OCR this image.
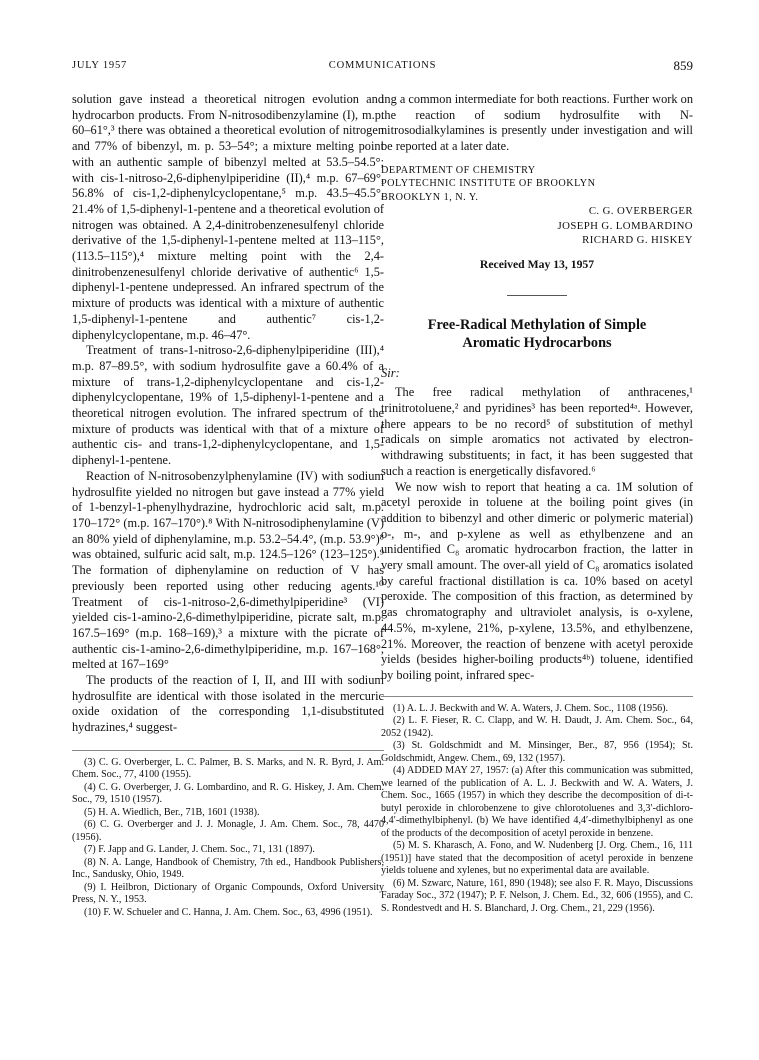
JULY 1957	COMMUNICATIONS	859

solution gave instead a theoretical nitrogen evolution and hydrocarbon products. From N-nitrosodibenzylamine (I), m.p. 60–61°,³ there was obtained a theoretical evolution of nitrogen and 77% of bibenzyl, m. p. 53–54°; a mixture melting point with an authentic sample of bibenzyl melted at 53.5–54.5°; with cis-1-nitroso-2,6-diphenylpiperidine (II),⁴ m.p. 67–69°, 56.8% of cis-1,2-diphenylcyclopentane,⁵ m.p. 43.5–45.5°, 21.4% of 1,5-diphenyl-1-pentene and a theoretical evolution of nitrogen was obtained. A 2,4-dinitrobenzenesulfenyl chloride derivative of the 1,5-diphenyl-1-pentene melted at 113–115°, (113.5–115°),⁴ mixture melting point with the 2,4-dinitrobenzenesulfenyl chloride derivative of authentic⁶ 1,5-diphenyl-1-pentene undepressed. An infrared spectrum of the mixture of products was identical with a mixture of authentic 1,5-diphenyl-1-pentene and authentic⁷ cis-1,2-diphenylcyclopentane, m.p. 46–47°.

Treatment of trans-1-nitroso-2,6-diphenylpiperidine (III),⁴ m.p. 87–89.5°, with sodium hydrosulfite gave a 60.4% of a mixture of trans-1,2-diphenylcyclopentane and cis-1,2-diphenylcyclopentane, 19% of 1,5-diphenyl-1-pentene and a theoretical nitrogen evolution. The infrared spectrum of the mixture of products was identical with that of a mixture of authentic cis- and trans-1,2-diphenylcyclopentane, and 1,5-diphenyl-1-pentene.

Reaction of N-nitrosobenzylphenylamine (IV) with sodium hydrosulfite yielded no nitrogen but gave instead a 77% yield of 1-benzyl-1-phenylhydrazine, hydrochloric acid salt, m.p. 170–172° (m.p. 167–170°).⁸ With N-nitrosodiphenylamine (V) an 80% yield of diphenylamine, m.p. 53.2–54.4°, (m.p. 53.9°)⁸ was obtained, sulfuric acid salt, m.p. 124.5–126° (123–125°).⁹ The formation of diphenylamine on reduction of V has previously been reported using other reducing agents.¹⁰ Treatment of cis-1-nitroso-2,6-dimethylpiperidine³ (VI) yielded cis-1-amino-2,6-dimethylpiperidine, picrate salt, m.p. 167.5–169° (m.p. 168–169),³ a mixture with the picrate of authentic cis-1-amino-2,6-dimethylpiperidine, m.p. 167–168°, melted at 167–169°

The products of the reaction of I, II, and III with sodium hydrosulfite are identical with those isolated in the mercuric oxide oxidation of the corresponding 1,1-disubstituted hydrazines,⁴ suggest-

(3) C. G. Overberger, L. C. Palmer, B. S. Marks, and N. R. Byrd, J. Am. Chem. Soc., 77, 4100 (1955).

(4) C. G. Overberger, J. G. Lombardino, and R. G. Hiskey, J. Am. Chem. Soc., 79, 1510 (1957).

(5) H. A. Wiedlich, Ber., 71B, 1601 (1938).

(6) C. G. Overberger and J. J. Monagle, J. Am. Chem. Soc., 78, 4470 (1956).

(7) F. Japp and G. Lander, J. Chem. Soc., 71, 131 (1897).

(8) N. A. Lange, Handbook of Chemistry, 7th ed., Handbook Publishers, Inc., Sandusky, Ohio, 1949.

(9) I. Heilbron, Dictionary of Organic Compounds, Oxford University Press, N. Y., 1953.

(10) F. W. Schueler and C. Hanna, J. Am. Chem. Soc., 63, 4996 (1951).

ing a common intermediate for both reactions. Further work on the reaction of sodium hydrosulfite with N-nitrosodialkylamines is presently under investigation and will be reported at a later date.

DEPARTMENT OF CHEMISTRY
POLYTECHNIC INSTITUTE OF BROOKLYN
BROOKLYN 1, N. Y.
C. G. OVERBERGER
JOSEPH G. LOMBARDINO
RICHARD G. HISKEY
Received May 13, 1957
Free-Radical Methylation of Simple
Aromatic Hydrocarbons
Sir:

The free radical methylation of anthracenes,¹ trinitrotoluene,² and pyridines³ has been reported⁴ᵃ. However, there appears to be no record⁵ of substitution of methyl radicals on simple aromatics not activated by electron-withdrawing substituents; in fact, it has been suggested that such a reaction is energetically disfavored.⁶

We now wish to report that heating a ca. 1M solution of acetyl peroxide in toluene at the boiling point gives (in addition to bibenzyl and other dimeric or polymeric material) o-, m-, and p-xylene as well as ethylbenzene and an unidentified C₈ aromatic hydrocarbon fraction, the latter in very small amount. The over-all yield of C₈ aromatics isolated by careful fractional distillation is ca. 10% based on acetyl peroxide. The composition of this fraction, as determined by gas chromatography and ultraviolet analysis, is o-xylene, 44.5%, m-xylene, 21%, p-xylene, 13.5%, and ethylbenzene, 21%. Moreover, the reaction of benzene with acetyl peroxide yields (besides higher-boiling products⁴ᵇ) toluene, identified by boiling point, infrared spec-

(1) A. L. J. Beckwith and W. A. Waters, J. Chem. Soc., 1108 (1956).

(2) L. F. Fieser, R. C. Clapp, and W. H. Daudt, J. Am. Chem. Soc., 64, 2052 (1942).

(3) St. Goldschmidt and M. Minsinger, Ber., 87, 956 (1954); St. Goldschmidt, Angew. Chem., 69, 132 (1957).

(4) ADDED MAY 27, 1957: (a) After this communication was submitted, we learned of the publication of A. L. J. Beckwith and W. A. Waters, J. Chem. Soc., 1665 (1957) in which they describe the decomposition of di-t-butyl peroxide in chlorobenzene to give chlorotoluenes and 3,3′-dichloro-4,4′-dimethylbiphenyl. (b) We have identified 4,4′-dimethylbiphenyl as one of the products of the decomposition of acetyl peroxide in benzene.

(5) M. S. Kharasch, A. Fono, and W. Nudenberg [J. Org. Chem., 16, 111 (1951)] have stated that the decomposition of acetyl peroxide in benzene yields toluene and xylenes, but no experimental data are available.

(6) M. Szwarc, Nature, 161, 890 (1948); see also F. R. Mayo, Discussions Faraday Soc., 372 (1947); P. F. Nelson, J. Chem. Ed., 32, 606 (1955), and C. S. Rondestvedt and H. S. Blanchard, J. Org. Chem., 21, 229 (1956).
